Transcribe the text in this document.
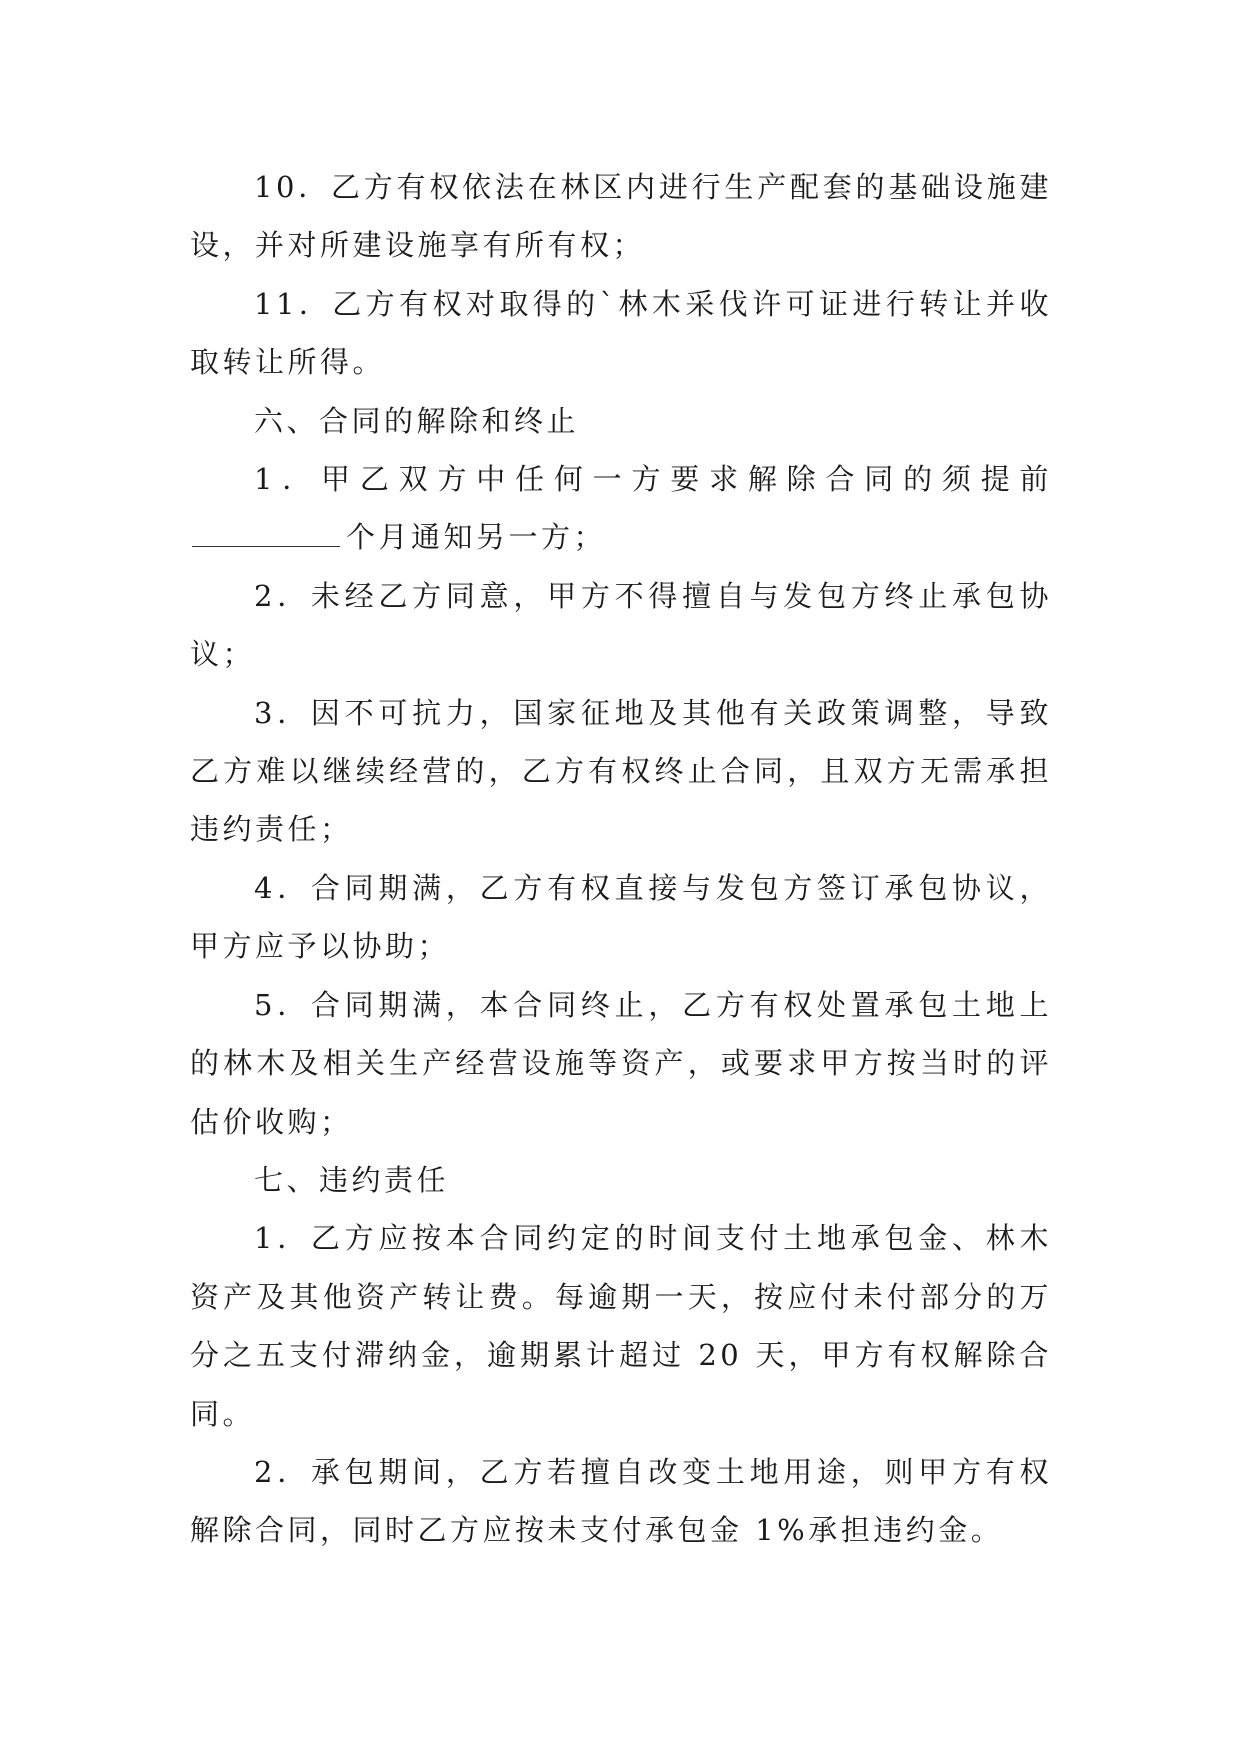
10．乙方有权依法在林区内进行生产配套的基础设施建设，并对所建设施享有所有权；

11．乙方有权对取得的`林木采伐许可证进行转让并收取转让所得。

六、合同的解除和终止

1．甲乙双方中任何一方要求解除合同的须提前个月通知另一方；

2．未经乙方同意，甲方不得擅自与发包方终止承包协议；

3．因不可抗力，国家征地及其他有关政策调整，导致乙方难以继续经营的，乙方有权终止合同，且双方无需承担违约责任；

4．合同期满，乙方有权直接与发包方签订承包协议，甲方应予以协助；

5．合同期满，本合同终止，乙方有权处置承包土地上的林木及相关生产经营设施等资产，或要求甲方按当时的评估价收购；

七、违约责任

1．乙方应按本合同约定的时间支付土地承包金、林木资产及其他资产转让费。每逾期一天，按应付未付部分的万分之五支付滞纳金，逾期累计超过 20 天，甲方有权解除合同。

2．承包期间，乙方若擅自改变土地用途，则甲方有权解除合同，同时乙方应按未支付承包金 1%承担违约金。
